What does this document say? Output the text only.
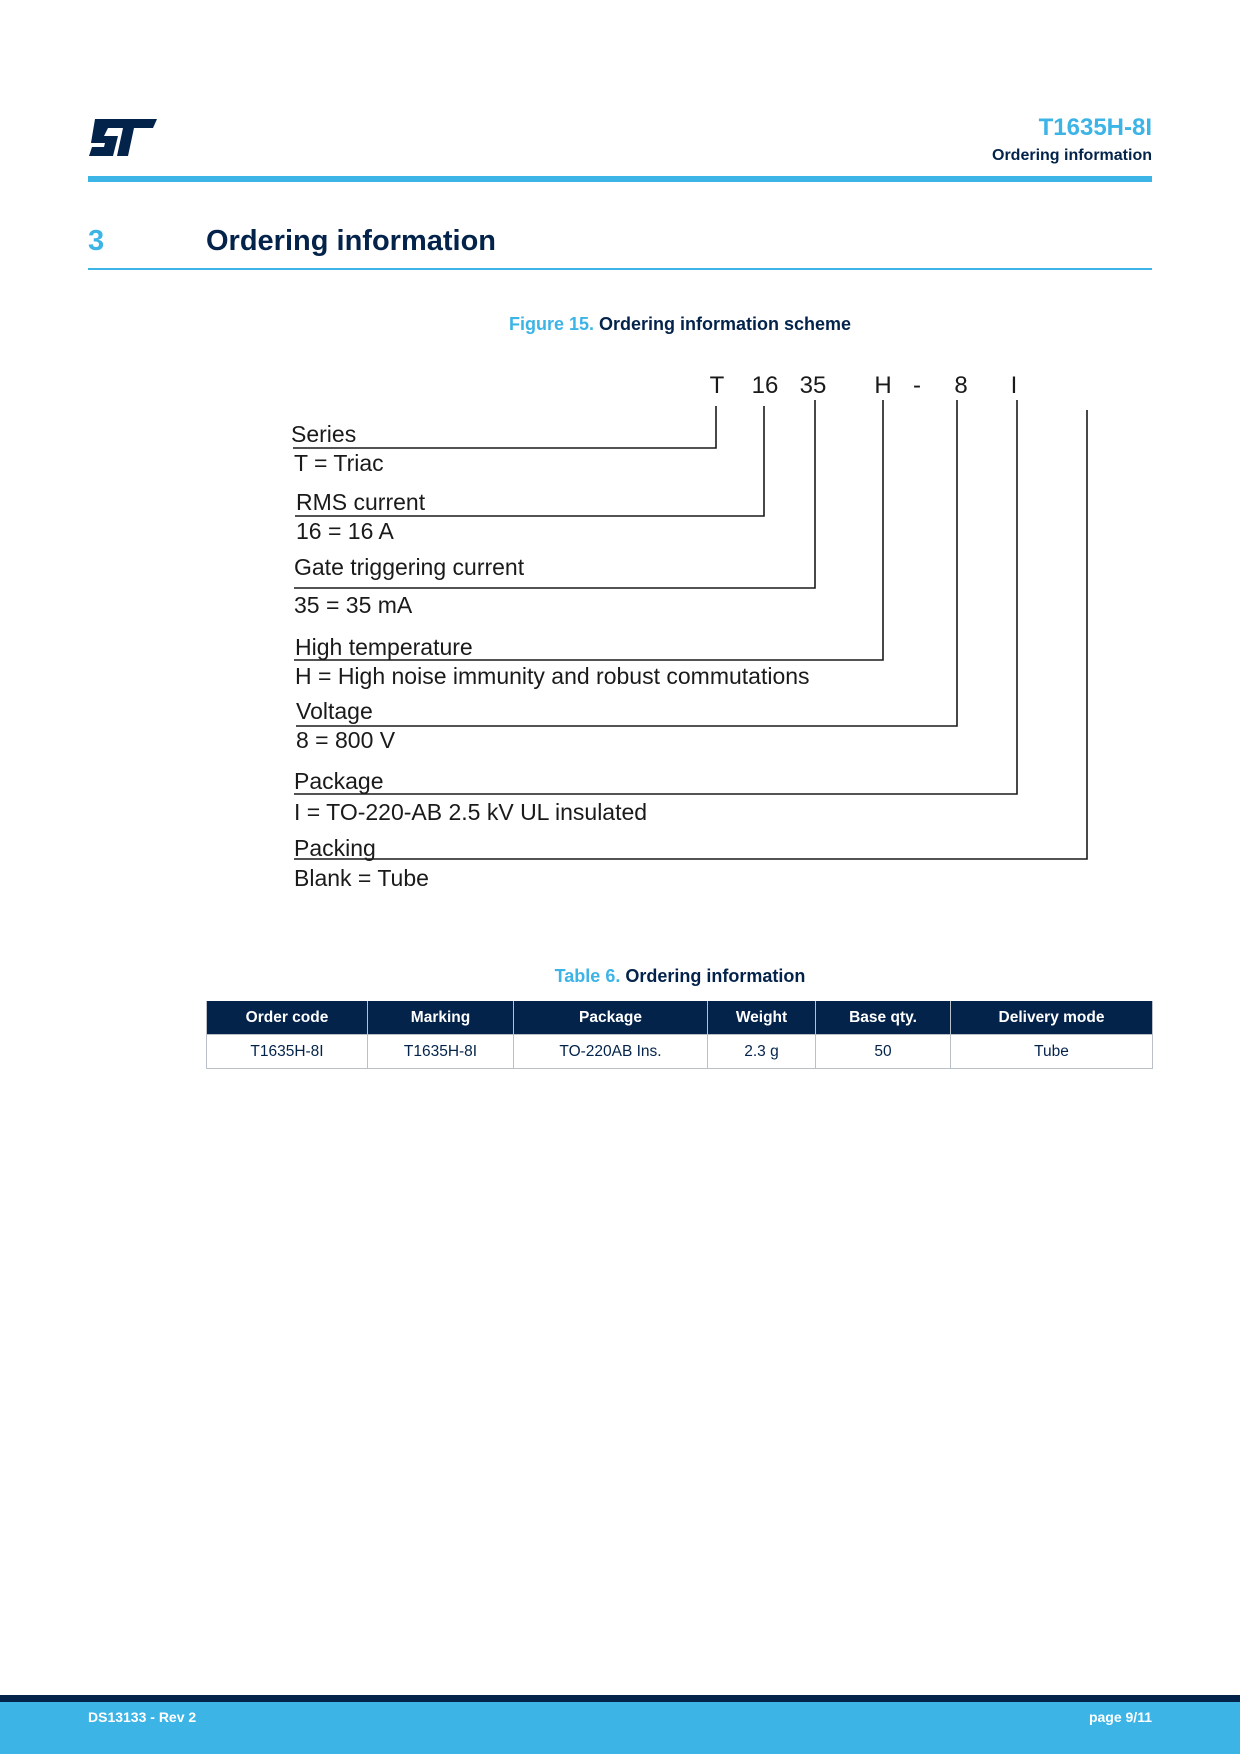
T1635H-8I
Ordering information
3	Ordering information
Figure 15. Ordering information scheme
T 16 35 H - 8 I
Series
T = Triac
RMS current
16 = 16 A
Gate triggering current
35 = 35 mA
High temperature
H = High noise immunity and robust commutations
Voltage
8 = 800 V
Package
I = TO-220-AB 2.5 kV UL insulated
Packing
Blank = Tube
Table 6. Ordering information
Order code	Marking	Package	Weight	Base qty.	Delivery mode
T1635H-8I	T1635H-8I	TO-220AB Ins.	2.3 g	50	Tube
DS13133 - Rev 2	page 9/11
